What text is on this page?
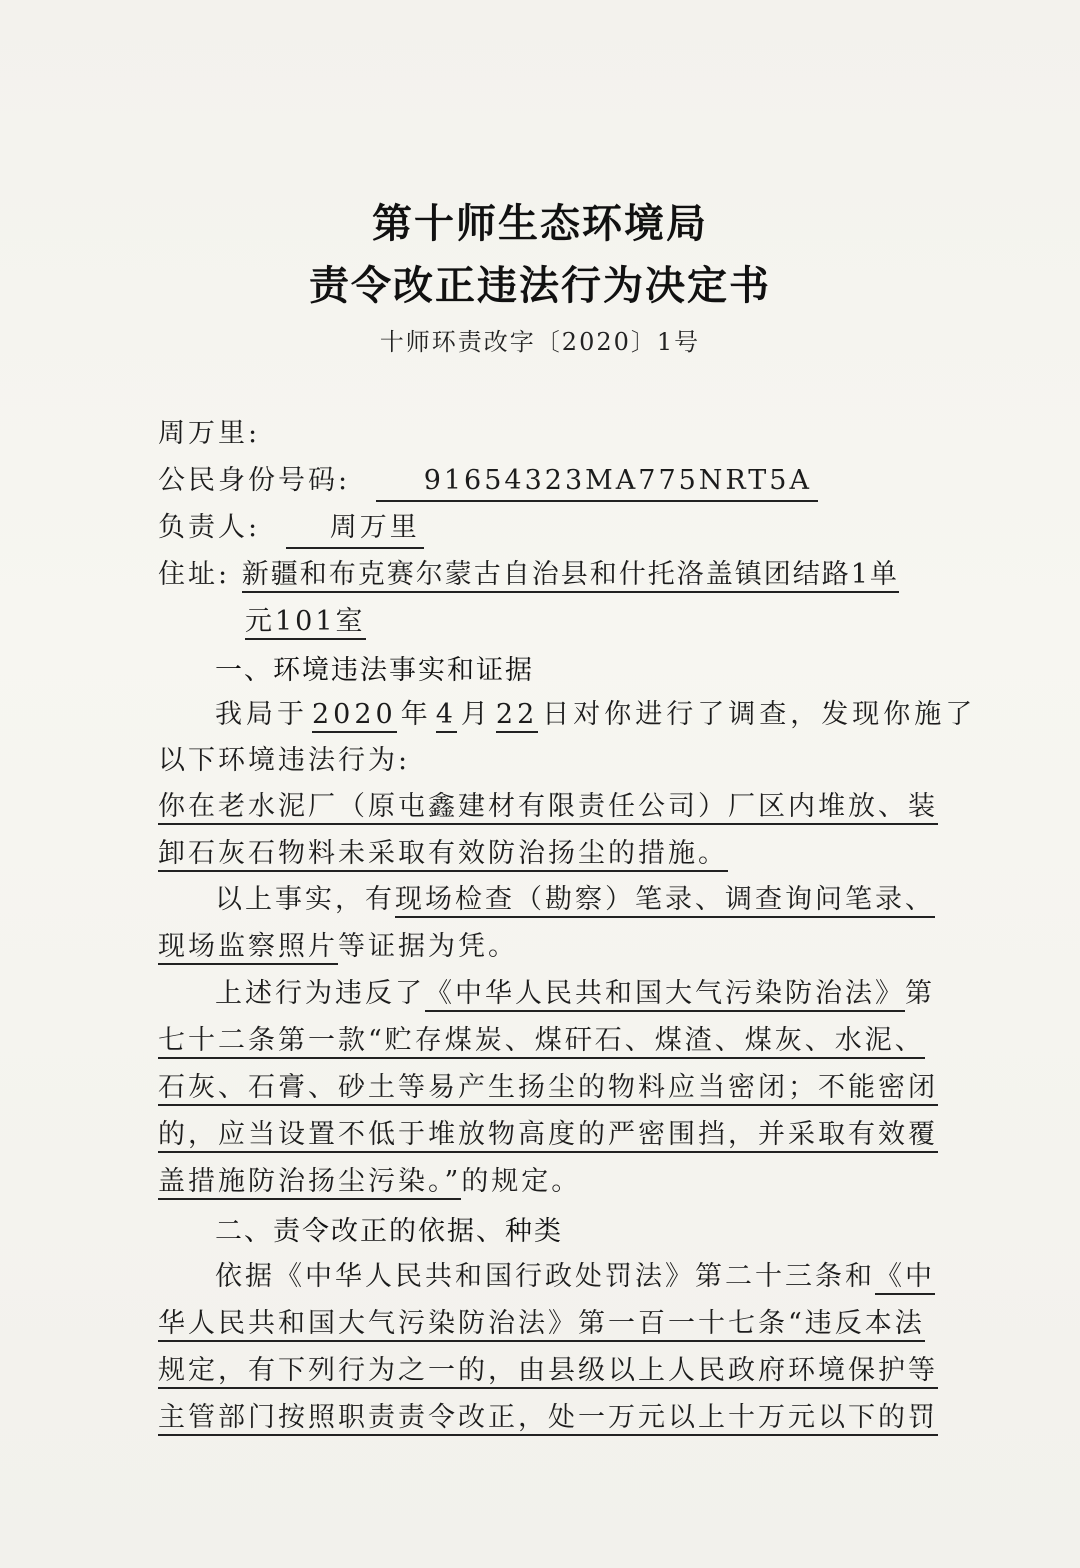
第十师生态环境局
责令改正违法行为决定书
十师环责改字〔2020〕1号
周万里:
公民身份号码:	91654323MA775NRT5A
负责人:	周万里
住址: 新疆和布克赛尔蒙古自治县和什托洛盖镇团结路1单
元101室
一、环境违法事实和证据
我局于 2020 年 4 月 22 日对你进行了调查，发现你施了
以下环境违法行为:
你在老水泥厂（原屯鑫建材有限责任公司）厂区内堆放、装
卸石灰石物料未采取有效防治扬尘的措施。
以上事实，有现场检查（勘察）笔录、调查询问笔录、
现场监察照片等证据为凭。
上述行为违反了《中华人民共和国大气污染防治法》第
七十二条第一款“贮存煤炭、煤矸石、煤渣、煤灰、水泥、
石灰、石膏、砂土等易产生扬尘的物料应当密闭；不能密闭
的，应当设置不低于堆放物高度的严密围挡，并采取有效覆
盖措施防治扬尘污染。”的规定。
二、责令改正的依据、种类
依据《中华人民共和国行政处罚法》第二十三条和《中
华人民共和国大气污染防治法》第一百一十七条“违反本法
规定，有下列行为之一的，由县级以上人民政府环境保护等
主管部门按照职责责令改正，处一万元以上十万元以下的罚
